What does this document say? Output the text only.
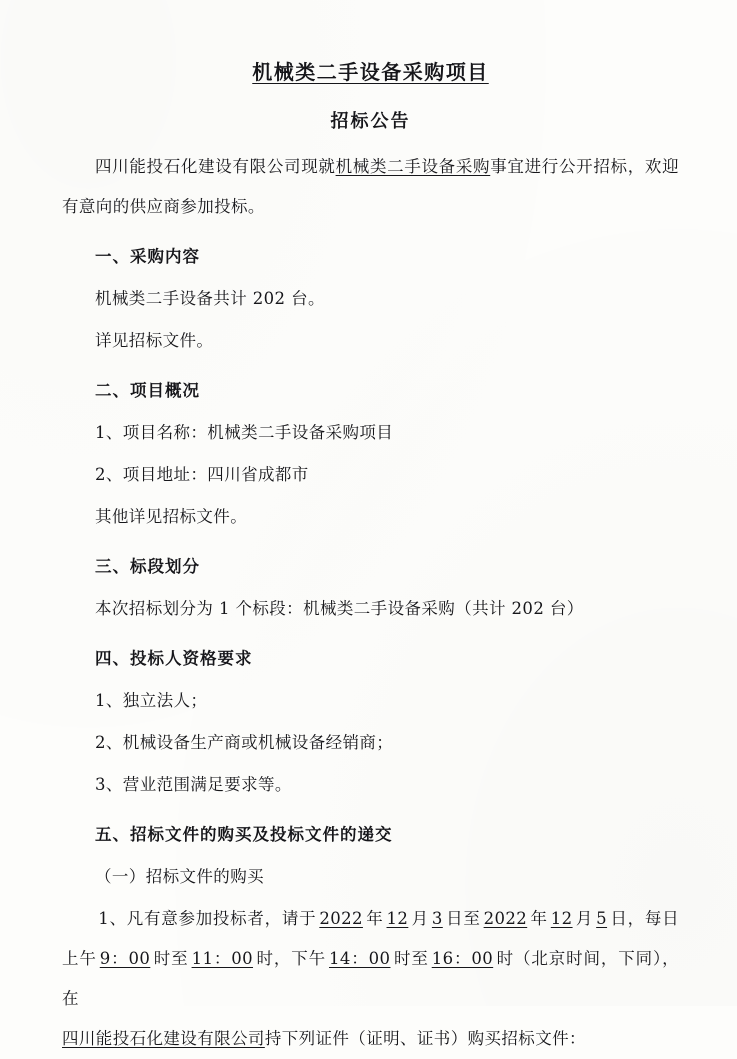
机械类二手设备采购项目
招标公告

四川能投石化建设有限公司现就机械类二手设备采购事宜进行公开招标，欢迎有意向的供应商参加投标。

一、采购内容

机械类二手设备共计 202 台。

详见招标文件。

二、项目概况

1、项目名称：机械类二手设备采购项目

2、项目地址：四川省成都市

其他详见招标文件。

三、标段划分

本次招标划分为 1 个标段：机械类二手设备采购（共计 202 台）

四、投标人资格要求

1、独立法人；

2、机械设备生产商或机械设备经销商；

3、营业范围满足要求等。

五、招标文件的购买及投标文件的递交

（一）招标文件的购买

1、凡有意参加投标者，请于 2022 年 12 月 3 日至 2022 年 12 月 5 日，每日上午 9：00 时至 11：00 时，下午 14：00 时至 16：00 时（北京时间，下同），在

四川能投石化建设有限公司持下列证件（证明、证书）购买招标文件：
